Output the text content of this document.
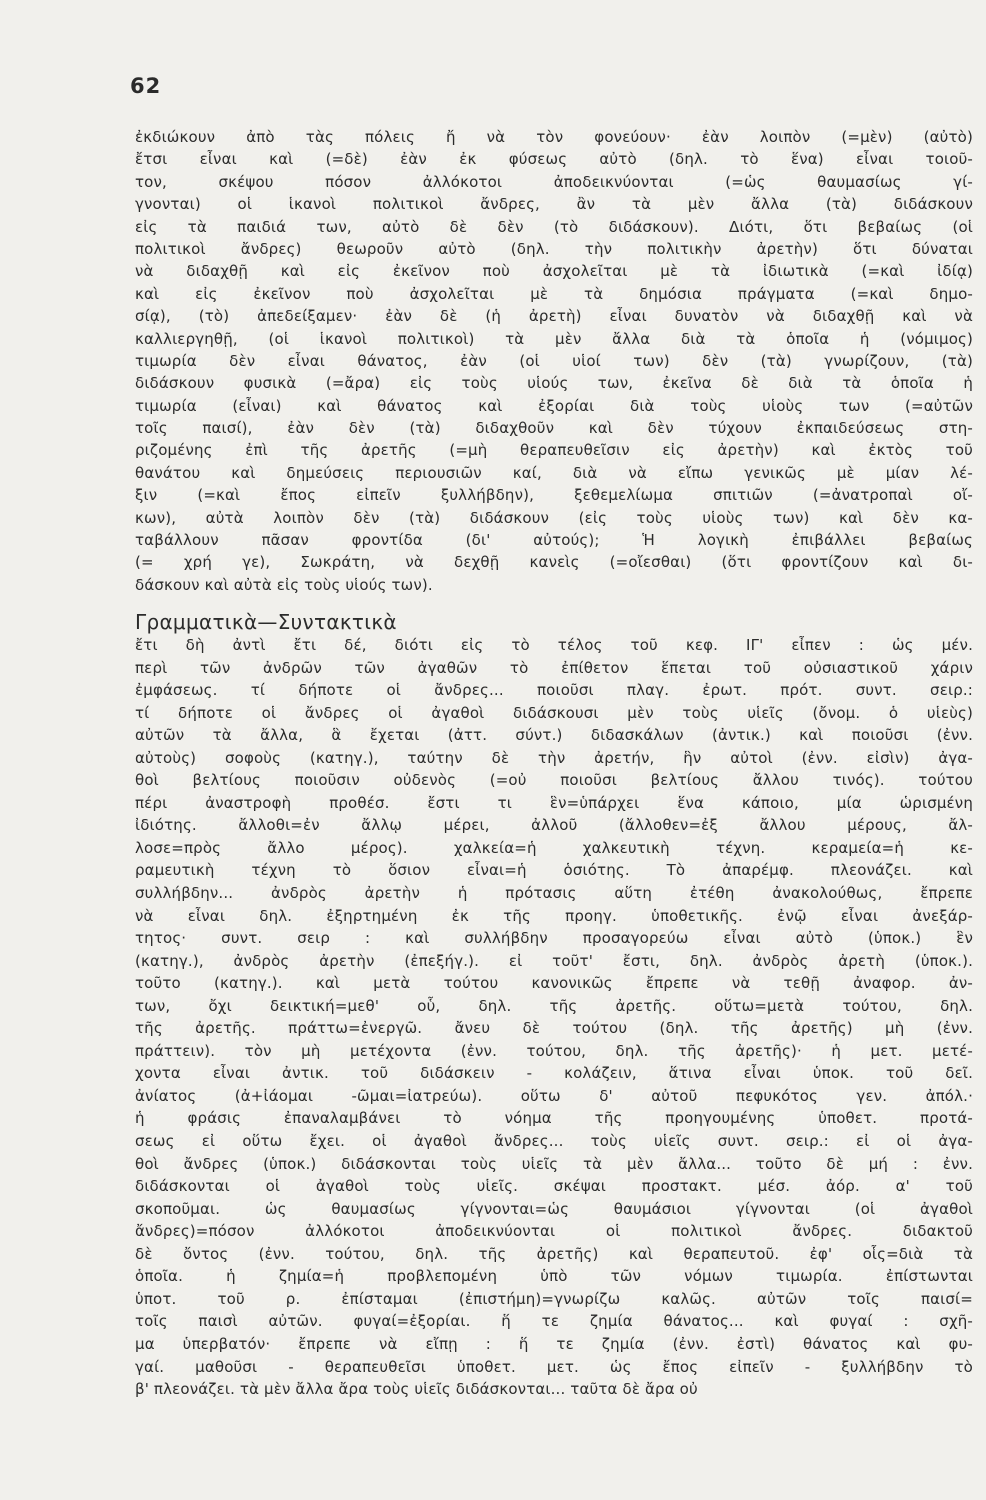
62
ἐκδιώκουν ἀπὸ τὰς πόλεις ἤ νὰ τὸν φονεύουν· ἐὰν λοιπὸν (=μὲν) (αὐτὸ)
ἔτσι εἶναι καὶ (=δὲ) ἐὰν ἐκ φύσεως αὐτὸ (δηλ. τὸ ἕνα) εἶναι τοιοῦ-
τον, σκέψου πόσον ἀλλόκοτοι ἀποδεικνύονται (=ὡς θαυμασίως γί-
γνονται) οἱ ἱκανοὶ πολιτικοὶ ἄνδρες, ἂν τὰ μὲν ἄλλα (τὰ) διδάσκουν
εἰς τὰ παιδιά των, αὐτὸ δὲ δὲν (τὸ διδάσκουν). Διότι, ὅτι βεβαίως (οἱ
πολιτικοὶ ἄνδρες) θεωροῦν αὐτὸ (δηλ. τὴν πολιτικὴν ἀρετὴν) ὅτι δύναται
νὰ διδαχθῇ καὶ εἰς ἐκεῖνον ποὺ ἀσχολεῖται μὲ τὰ ἰδιωτικὰ (=καὶ ἰδίᾳ)
καὶ εἰς ἐκεῖνον ποὺ ἀσχολεῖται μὲ τὰ δημόσια πράγματα (=καὶ δημο-
σίᾳ), (τὸ) ἀπεδείξαμεν· ἐὰν δὲ (ἡ ἀρετὴ) εἶναι δυνατὸν νὰ διδαχθῇ καὶ νὰ
καλλιεργηθῇ, (οἱ ἱκανοὶ πολιτικοὶ) τὰ μὲν ἄλλα διὰ τὰ ὁποῖα ἡ (νόμιμος)
τιμωρία δὲν εἶναι θάνατος, ἐὰν (οἱ υἱοί των) δὲν (τὰ) γνωρίζουν, (τὰ)
διδάσκουν φυσικὰ (=ἄρα) εἰς τοὺς υἱούς των, ἐκεῖνα δὲ διὰ τὰ ὁποῖα ἡ
τιμωρία (εἶναι) καὶ θάνατος καὶ ἐξορίαι διὰ τοὺς υἱοὺς των (=αὐτῶν
τοῖς παισί), ἐὰν δὲν (τὰ) διδαχθοῦν καὶ δὲν τύχουν ἐκπαιδεύσεως στη-
ριζομένης ἐπὶ τῆς ἀρετῆς (=μὴ θεραπευθεῖσιν εἰς ἀρετὴν) καὶ ἐκτὸς τοῦ
θανάτου καὶ δημεύσεις περιουσιῶν καί, διὰ νὰ εἴπω γενικῶς μὲ μίαν λέ-
ξιν (=καὶ ἔπος εἰπεῖν ξυλλήβδην), ξεθεμελίωμα σπιτιῶν (=ἀνατροπαὶ οἴ-
κων), αὐτὰ λοιπὸν δὲν (τὰ) διδάσκουν (εἰς τοὺς υἱοὺς των) καὶ δὲν κα-
ταβάλλουν πᾶσαν φροντίδα (δι' αὐτούς); Ἡ λογικὴ ἐπιβάλλει βεβαίως
(= χρή γε), Σωκράτη, νὰ δεχθῇ κανεὶς (=οἴεσθαι) (ὅτι φροντίζουν καὶ δι-
δάσκουν καὶ αὐτὰ εἰς τοὺς υἱούς των).
Γραμματικὰ—Συντακτικὰ
ἔτι δὴ ἀντὶ ἔτι δέ, διότι εἰς τὸ τέλος τοῦ κεφ. ΙΓ' εἶπεν : ὡς μέν.
περὶ τῶν ἀνδρῶν τῶν ἀγαθῶν τὸ ἐπίθετον ἕπεται τοῦ οὐσιαστικοῦ χάριν
ἐμφάσεως. τί δήποτε οἱ ἄνδρες... ποιοῦσι πλαγ. ἐρωτ. πρότ. συντ. σειρ.:
τί δήποτε οἱ ἄνδρες οἱ ἀγαθοὶ διδάσκουσι μὲν τοὺς υἱεῖς (ὄνομ. ὁ υἱεὺς)
αὐτῶν τὰ ἄλλα, ἃ ἔχεται (ἀττ. σύντ.) διδασκάλων (ἀντικ.) καὶ ποιοῦσι (ἐνν.
αὐτοὺς) σοφοὺς (κατηγ.), ταύτην δὲ τὴν ἀρετήν, ἣν αὐτοὶ (ἐνν. εἰσὶν) ἀγα-
θοὶ βελτίους ποιοῦσιν οὐδενὸς (=οὐ ποιοῦσι βελτίους ἄλλου τινός). τούτου
πέρι ἀναστροφὴ προθέσ. ἔστι τι ἓν=ὑπάρχει ἕνα κάποιο, μία ὡρισμένη
ἰδιότης. ἄλλοθι=ἐν ἄλλῳ μέρει, ἀλλοῦ (ἄλλοθεν=ἐξ ἄλλου μέρους, ἄλ-
λοσε=πρὸς ἄλλο μέρος). χαλκεία=ἡ χαλκευτικὴ τέχνη. κεραμεία=ἡ κε-
ραμευτικὴ τέχνη τὸ ὅσιον εἶναι=ἡ ὁσιότης. Τὸ ἀπαρέμφ. πλεονάζει. καὶ
συλλήβδην... ἀνδρὸς ἀρετὴν ἡ πρότασις αὕτη ἐτέθη ἀνακολούθως, ἔπρεπε
νὰ εἶναι δηλ. ἐξηρτημένη ἐκ τῆς προηγ. ὑποθετικῆς. ἐνῷ εἶναι ἀνεξάρ-
τητος· συντ. σειρ : καὶ συλλήβδην προσαγορεύω εἶναι αὐτὸ (ὑποκ.) ἓν
(κατηγ.), ἀνδρὸς ἀρετὴν (ἐπεξήγ.). εἰ τοῦτ' ἔστι, δηλ. ἀνδρὸς ἀρετὴ (ὑποκ.).
τοῦτο (κατηγ.). καὶ μετὰ τούτου κανονικῶς ἔπρεπε νὰ τεθῇ ἀναφορ. ἀν-
των, ὄχι δεικτική=μεθ' οὗ, δηλ. τῆς ἀρετῆς. οὕτω=μετὰ τούτου, δηλ.
τῆς ἀρετῆς. πράττω=ἐνεργῶ. ἄνευ δὲ τούτου (δηλ. τῆς ἀρετῆς) μὴ (ἐνν.
πράττειν). τὸν μὴ μετέχοντα (ἐνν. τούτου, δηλ. τῆς ἀρετῆς)· ἡ μετ. μετέ-
χοντα εἶναι ἀντικ. τοῦ διδάσκειν - κολάζειν, ἅτινα εἶναι ὑποκ. τοῦ δεῖ.
ἀνίατος (ἀ+ἰάομαι -ῶμαι=ἰατρεύω). οὕτω δ' αὐτοῦ πεφυκότος γεν. ἀπόλ.·
ἡ φράσις ἐπαναλαμβάνει τὸ νόημα τῆς προηγουμένης ὑποθετ. προτά-
σεως εἰ οὕτω ἔχει. οἱ ἀγαθοὶ ἄνδρες... τοὺς υἱεῖς συντ. σειρ.: εἰ οἱ ἀγα-
θοὶ ἄνδρες (ὑποκ.) διδάσκονται τοὺς υἱεῖς τὰ μὲν ἄλλα... τοῦτο δὲ μή : ἐνν.
διδάσκονται οἱ ἀγαθοὶ τοὺς υἱεῖς. σκέψαι προστακτ. μέσ. ἀόρ. α' τοῦ
σκοποῦμαι. ὡς θαυμασίως γίγνονται=ὡς θαυμάσιοι γίγνονται (οἱ ἀγαθοὶ
ἄνδρες)=πόσον ἀλλόκοτοι ἀποδεικνύονται οἱ πολιτικοὶ ἄνδρες. διδακτοῦ
δὲ ὄντος (ἐνν. τούτου, δηλ. τῆς ἀρετῆς) καὶ θεραπευτοῦ. ἐφ' οἷς=διὰ τὰ
ὁποῖα. ἡ ζημία=ἡ προβλεπομένη ὑπὸ τῶν νόμων τιμωρία. ἐπίστωνται
ὑποτ. τοῦ ρ. ἐπίσταμαι (ἐπιστήμη)=γνωρίζω καλῶς. αὐτῶν τοῖς παισί=
τοῖς παισὶ αὐτῶν. φυγαί=ἐξορίαι. ἥ τε ζημία θάνατος... καὶ φυγαί : σχῆ-
μα ὑπερβατόν· ἔπρεπε νὰ εἴπῃ : ἥ τε ζημία (ἐνν. ἐστὶ) θάνατος καὶ φυ-
γαί. μαθοῦσι - θεραπευθεῖσι ὑποθετ. μετ. ὡς ἔπος εἰπεῖν - ξυλλήβδην τὸ
β' πλεονάζει. τὰ μὲν ἄλλα ἄρα τοὺς υἱεῖς διδάσκονται... ταῦτα δὲ ἄρα οὐ
